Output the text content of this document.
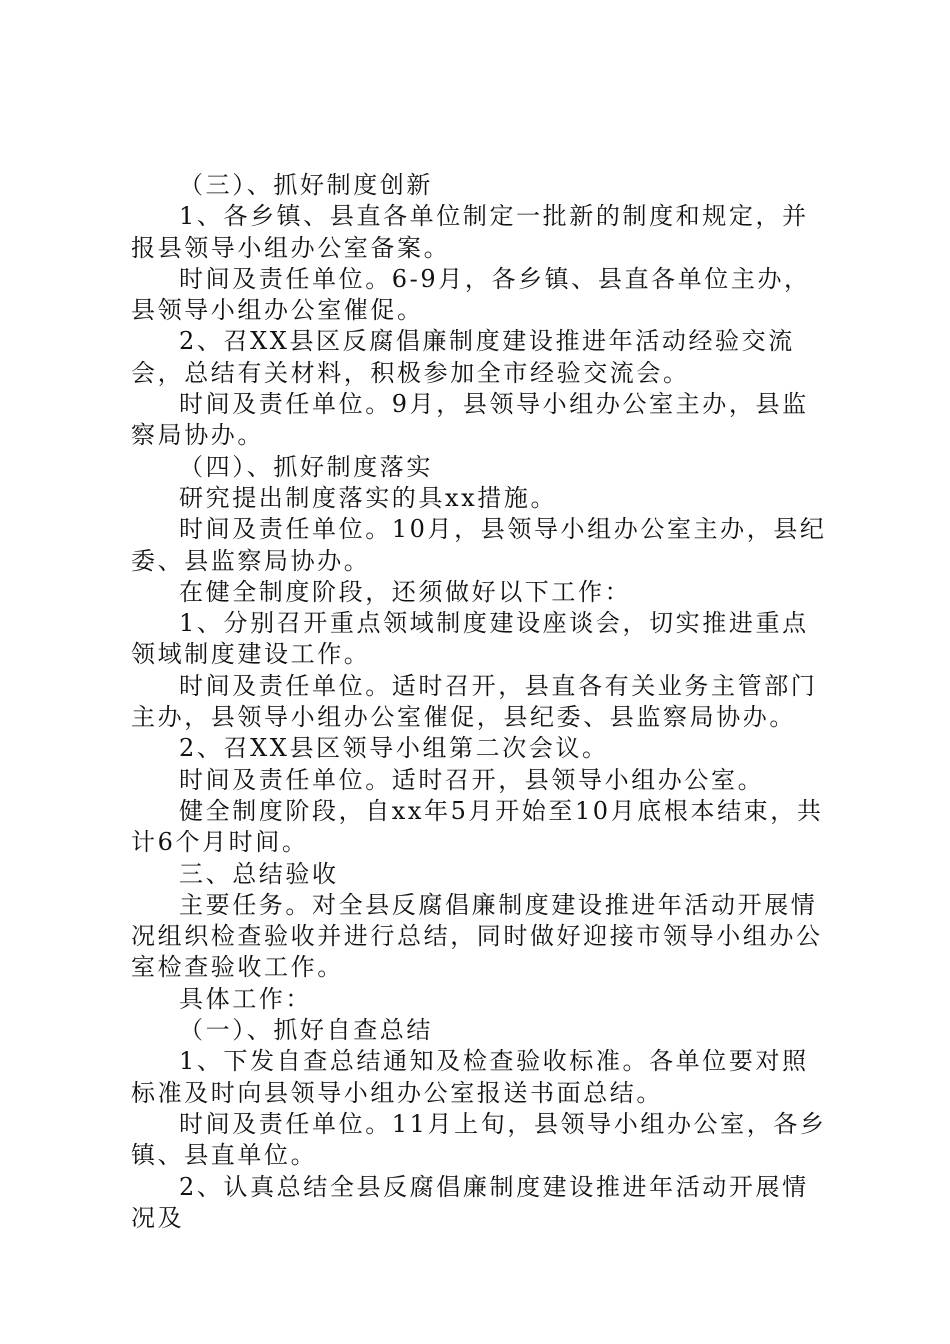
（三）、抓好制度创新

1、各乡镇、县直各单位制定一批新的制度和规定，并报县领导小组办公室备案。

时间及责任单位。6-9月，各乡镇、县直各单位主办，县领导小组办公室催促。

2、召XX县区反腐倡廉制度建设推进年活动经验交流会，总结有关材料，积极参加全市经验交流会。

时间及责任单位。9月，县领导小组办公室主办，县监察局协办。

（四）、抓好制度落实

研究提出制度落实的具xx措施。

时间及责任单位。10月，县领导小组办公室主办，县纪委、县监察局协办。

在健全制度阶段，还须做好以下工作：

1、分别召开重点领域制度建设座谈会，切实推进重点领域制度建设工作。

时间及责任单位。适时召开，县直各有关业务主管部门主办，县领导小组办公室催促，县纪委、县监察局协办。

2、召XX县区领导小组第二次会议。

时间及责任单位。适时召开，县领导小组办公室。

健全制度阶段，自xx年5月开始至10月底根本结束，共计6个月时间。

三、总结验收

主要任务。对全县反腐倡廉制度建设推进年活动开展情况组织检查验收并进行总结，同时做好迎接市领导小组办公室检查验收工作。

具体工作：

（一）、抓好自查总结

1、下发自查总结通知及检查验收标准。各单位要对照标准及时向县领导小组办公室报送书面总结。

时间及责任单位。11月上旬，县领导小组办公室，各乡镇、县直单位。

2、认真总结全县反腐倡廉制度建设推进年活动开展情况及
